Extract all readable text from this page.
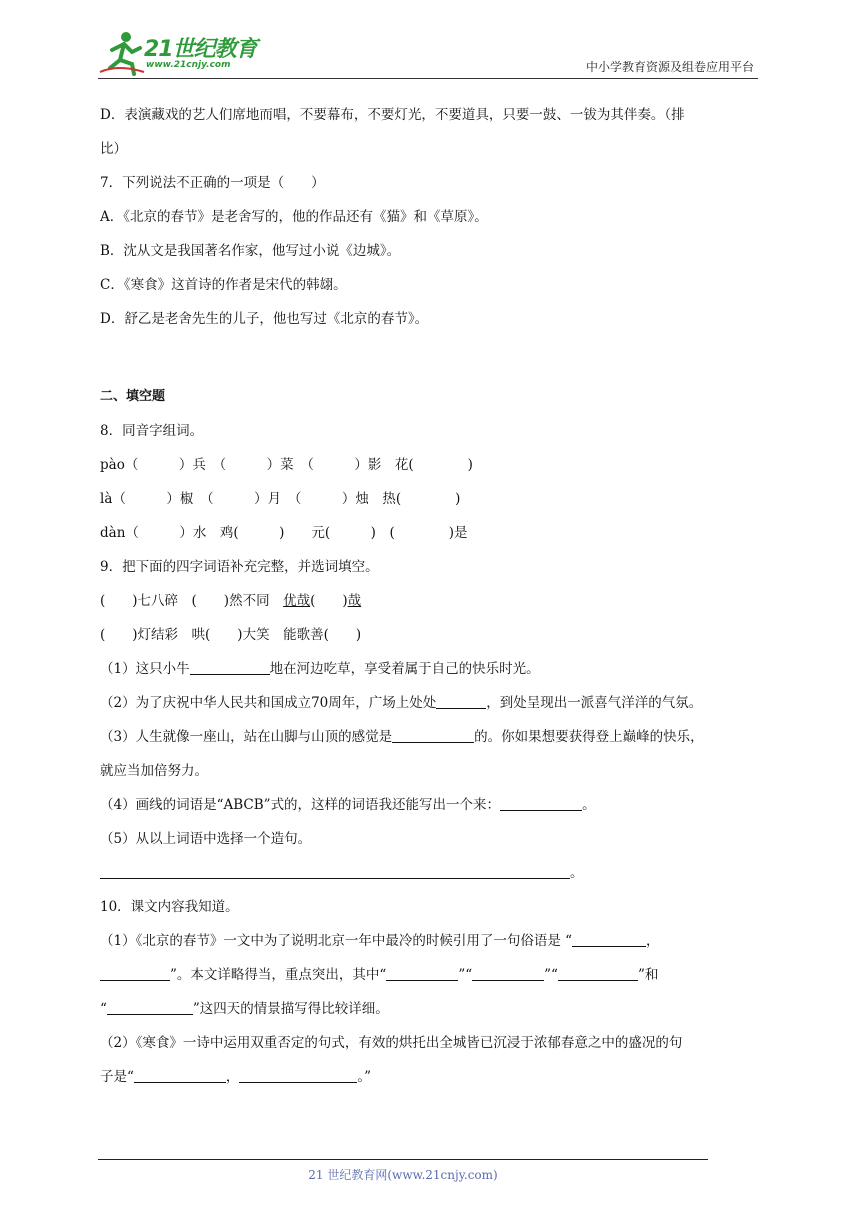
21世纪教育
www.21cnjy.com	中小学教育资源及组卷应用平台
D．表演藏戏的艺人们席地而唱，不要幕布，不要灯光，不要道具，只要一鼓、一钹为其伴奏。（排
比）
7．下列说法不正确的一项是（　　）
A．《北京的春节》是老舍写的，他的作品还有《猫》和《草原》。
B．沈从文是我国著名作家，他写过小说《边城》。
C．《寒食》这首诗的作者是宋代的韩翃。
D．舒乙是老舍先生的儿子，他也写过《北京的春节》。
二、填空题
8．同音字组词。
pào（　　　）兵　（　　　）菜　（　　　）影　花(　　　　)
là（　　　）椒　（　　　）月　（　　　）烛　热(　　　　)
dàn（　　　）水　鸡(　　　)　　元(　　　)　(　　　　)是
9．把下面的四字词语补充完整，并选词填空。
(　　)七八碎　(　　)然不同　优哉(　　)哉
(　　)灯结彩　哄(　　)大笑　能歌善(　　)
（1）这只小牛	地在河边吃草，享受着属于自己的快乐时光。
（2）为了庆祝中华人民共和国成立70周年，广场上处处	，到处呈现出一派喜气洋洋的气氛。
（3）人生就像一座山，站在山脚与山顶的感觉是	的。你如果想要获得登上巅峰的快乐，
就应当加倍努力。
（4）画线的词语是“ABCB”式的，这样的词语我还能写出一个来：	。
（5）从以上词语中选择一个造句。
。
10．课文内容我知道。
（1）《北京的春节》一文中为了说明北京一年中最冷的时候引用了一句俗语是 “	，
”。本文详略得当，重点突出，其中“	”“	”“	”和
“	”这四天的情景描写得比较详细。
（2）《寒食》一诗中运用双重否定的句式，有效的烘托出全城皆已沉浸于浓郁春意之中的盛况的句
子是“	，	。”
21 世纪教育网(www.21cnjy.com)
